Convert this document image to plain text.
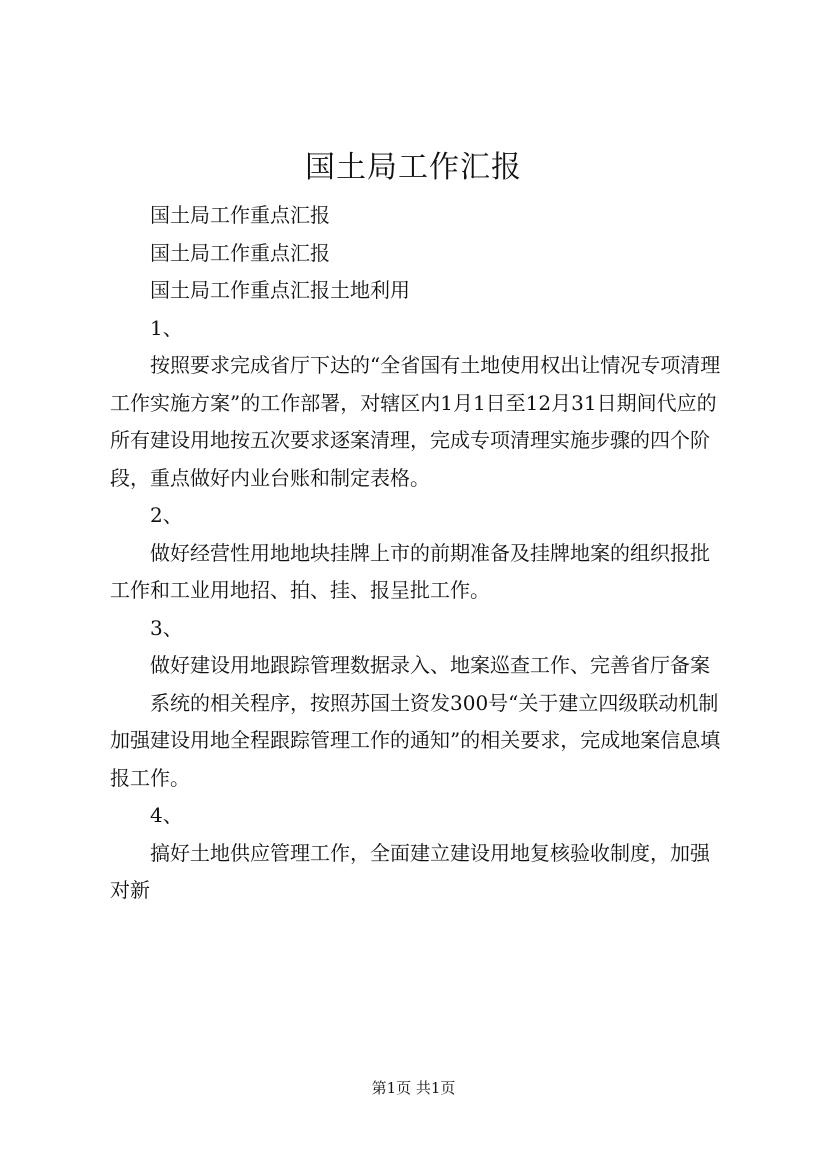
国土局工作汇报

国土局工作重点汇报

国土局工作重点汇报

国土局工作重点汇报土地利用

1、

按照要求完成省厅下达的“全省国有土地使用权出让情况专项清理工作实施方案”的工作部署，对辖区内1月1日至12月31日期间代应的所有建设用地按五次要求逐案清理，完成专项清理实施步骤的四个阶段，重点做好内业台账和制定表格。

2、

做好经营性用地地块挂牌上市的前期准备及挂牌地案的组织报批工作和工业用地招、拍、挂、报呈批工作。

3、

做好建设用地跟踪管理数据录入、地案巡查工作、完善省厅备案

系统的相关程序，按照苏国土资发300号“关于建立四级联动机制加强建设用地全程跟踪管理工作的通知”的相关要求，完成地案信息填报工作。

4、

搞好土地供应管理工作，全面建立建设用地复核验收制度，加强对新

第1页 共1页
